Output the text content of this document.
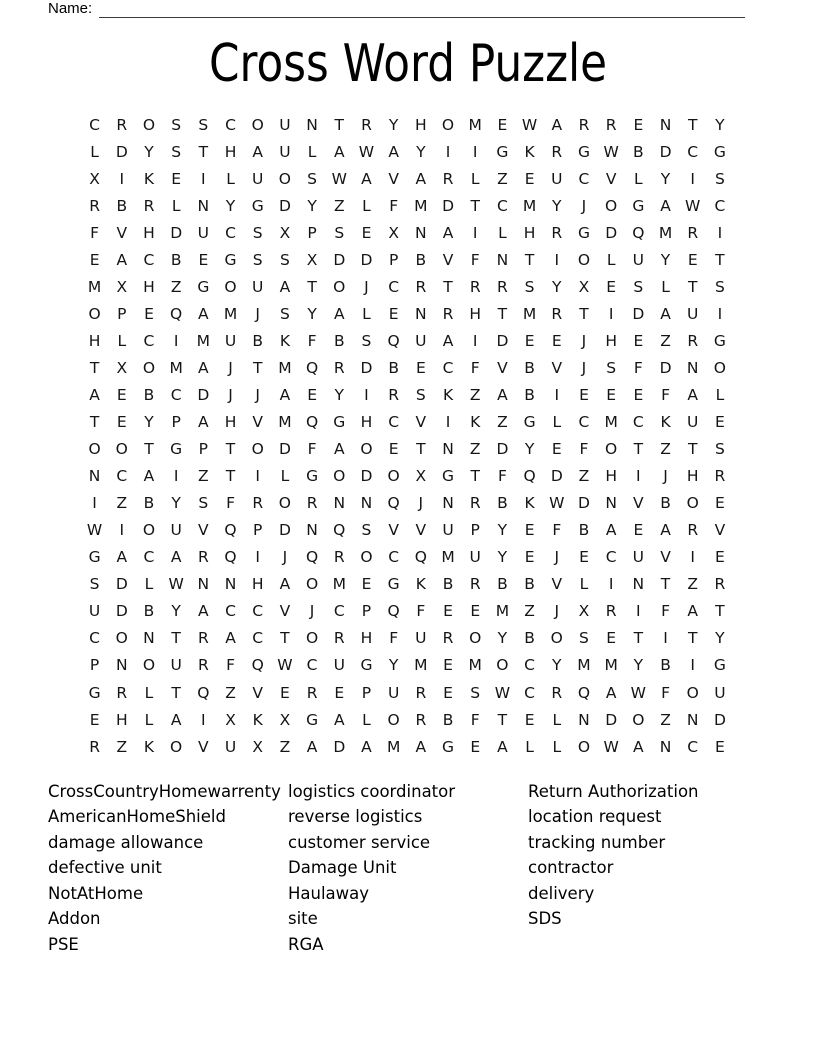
Name:
Cross Word Puzzle
C	R	O	S	S	C	O U	N	T	R	Y	H O M	E W A	R	R	E	N	T	Y
L	D	Y	S	T	H	A	U	L	A W A	Y	I	I	G	K	R	G W B	D	C	G
X	I	K	E	I	L	U O	S W A	V	A	R	L	Z	E	U	C	V	L	Y	I	S
R	B	R	L	N	Y	G D	Y	Z	L	F	M D	T	C M	Y	J	O G	A W C
F	V	H D	U	C	S	X	P	S	E	X	N	A	I	L	H	R	G D Q M R	I
E	A	C	B	E	G	S	S	X	D D	P	B	V	F	N	T	I	O	L	U	Y	E	T
M X	H	Z	G O U	A	T	O	J	C	R	T	R	R	S	Y	X	E	S	L	T	S
O	P	E	Q	A M	J	S	Y	A	L	E	N	R	H	T	M R	T	I	D	A	U	I
H	L	C	I	M U	B	K	F	B	S	Q U	A	I	D	E	E	J	H	E	Z	R	G
T	X	O M A	J	T	M Q	R	D	B	E	C	F	V	B	V	J	S	F	D N O
A	E	B	C	D	J	J	A	E	Y	I	R	S	K	Z	A	B	I	E	E	E	F	A	L
T	E	Y	P	A	H	V M Q G H	C	V	I	K	Z	G	L	C M C	K	U	E
O O	T	G	P	T	O D	F	A	O	E	T	N	Z	D	Y	E	F	O	T	Z	T	S
N	C	A	I	Z	T	I	L	G O D O	X	G	T	F	Q D	Z	H	I	J	H	R
I	Z	B	Y	S	F	R	O	R	N	N Q	J	N	R	B	K W D N	V	B	O	E
W	I	O U	V	Q	P	D N Q	S	V	V	U	P	Y	E	F	B	A	E	A	R	V
G	A	C	A	R	Q	I	J	Q	R	O	C	Q M U	Y	E	J	E	C	U	V	I	E
S	D	L W N	N	H	A	O M	E	G	K	B	R	B	B	V	L	I	N	T	Z	R
U	D	B	Y	A	C	C	V	J	C	P	Q	F	E	E	M Z	J	X	R	I	F	A	T
C	O N	T	R	A	C	T	O	R	H	F	U	R	O	Y	B	O	S	E	T	I	T	Y
P	N O U	R	F	Q W C	U	G	Y	M	E	M O	C	Y	M M	Y	B	I	G
G	R	L	T	Q	Z	V	E	R	E	P	U	R	E	S W C	R	Q	A W F	O U
E	H	L	A	I	X	K	X	G	A	L	O	R	B	F	T	E	L	N D O	Z	N D
R	Z	K	O	V	U	X	Z	A	D	A M A	G	E	A	L	L	O W A	N	C	E
CrossCountryHomewarrenty
AmericanHomeShield
damage allowance
defective unit
NotAtHome
Addon
PSE
logistics coordinator
reverse logistics
customer service
Damage Unit
Haulaway
site
RGA
Return Authorization
location request
tracking number
contractor
delivery
SDS
